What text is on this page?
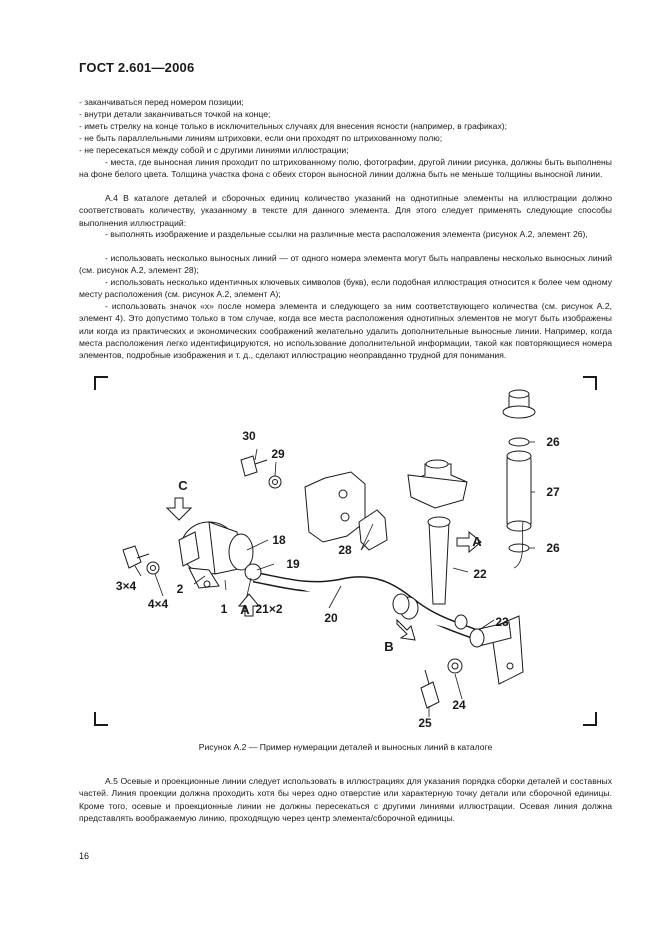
ГОСТ 2.601—2006

- заканчиваться перед номером позиции;

- внутри детали заканчиваться точкой на конце;

- иметь стрелку на конце только в исключительных случаях для внесения ясности (например, в графиках);

- не быть параллельными линиям штриховки, если они проходят по штрихованному полю;

- не пересекаться между собой и с другими линиями иллюстрации;

- места, где выносная линия проходит по штрихованному полю, фотографии, другой линии рисунка, должны быть выполнены на фоне белого цвета. Толщина участка фона с обеих сторон выносной линии должна быть не меньше толщины выносной линии.

А.4 В каталоге деталей и сборочных единиц количество указаний на однотипные элементы на иллюстрации должно соответствовать количеству, указанному в тексте для данного элемента. Для этого следует применять следующие способы выполнения иллюстраций:

- выполнять изображение и раздельные ссылки на различные места расположения элемента (рисунок А.2, элемент 26),

- использовать несколько выносных линий — от одного номера элемента могут быть направлены несколько выносных линий (см. рисунок А.2, элемент 28);

- использовать несколько идентичных ключевых символов (букв), если подобная иллюстрация относится к более чем одному месту расположения (см. рисунок А.2, элемент А);

- использовать значок «x» после номера элемента и следующего за ним соответствующего количества (см. рисунок А.2, элемент 4). Это допустимо только в том случае, когда все места расположения однотипных элементов не могут быть изображены или когда из практических и экономических соображений желательно удалить дополнительные выносные линии. Например, когда места расположения легко идентифицируются, но использование дополнительной информации, такой как повторяющиеся номера элементов, подробные изображения и т. д., сделают иллюстрацию неоправданно трудной для понимания.

30
29
26
27
26
C
18
19
2
1 21×2
3×4
4×4	A
A
28
22
20
B
23
25
24
Рисунок А.2 — Пример нумерации деталей и выносных линий в каталоге

А.5 Осевые и проекционные линии следует использовать в иллюстрациях для указания порядка сборки деталей и составных частей. Линия проекции должна проходить хотя бы через одно отверстие или характерную точку детали или сборочной единицы. Кроме того, осевые и проекционные линии не должны пересекаться с другими линиями иллюстрации. Осевая линия должна представлять воображаемую линию, проходящую через центр элемента/сборочной единицы.

16
